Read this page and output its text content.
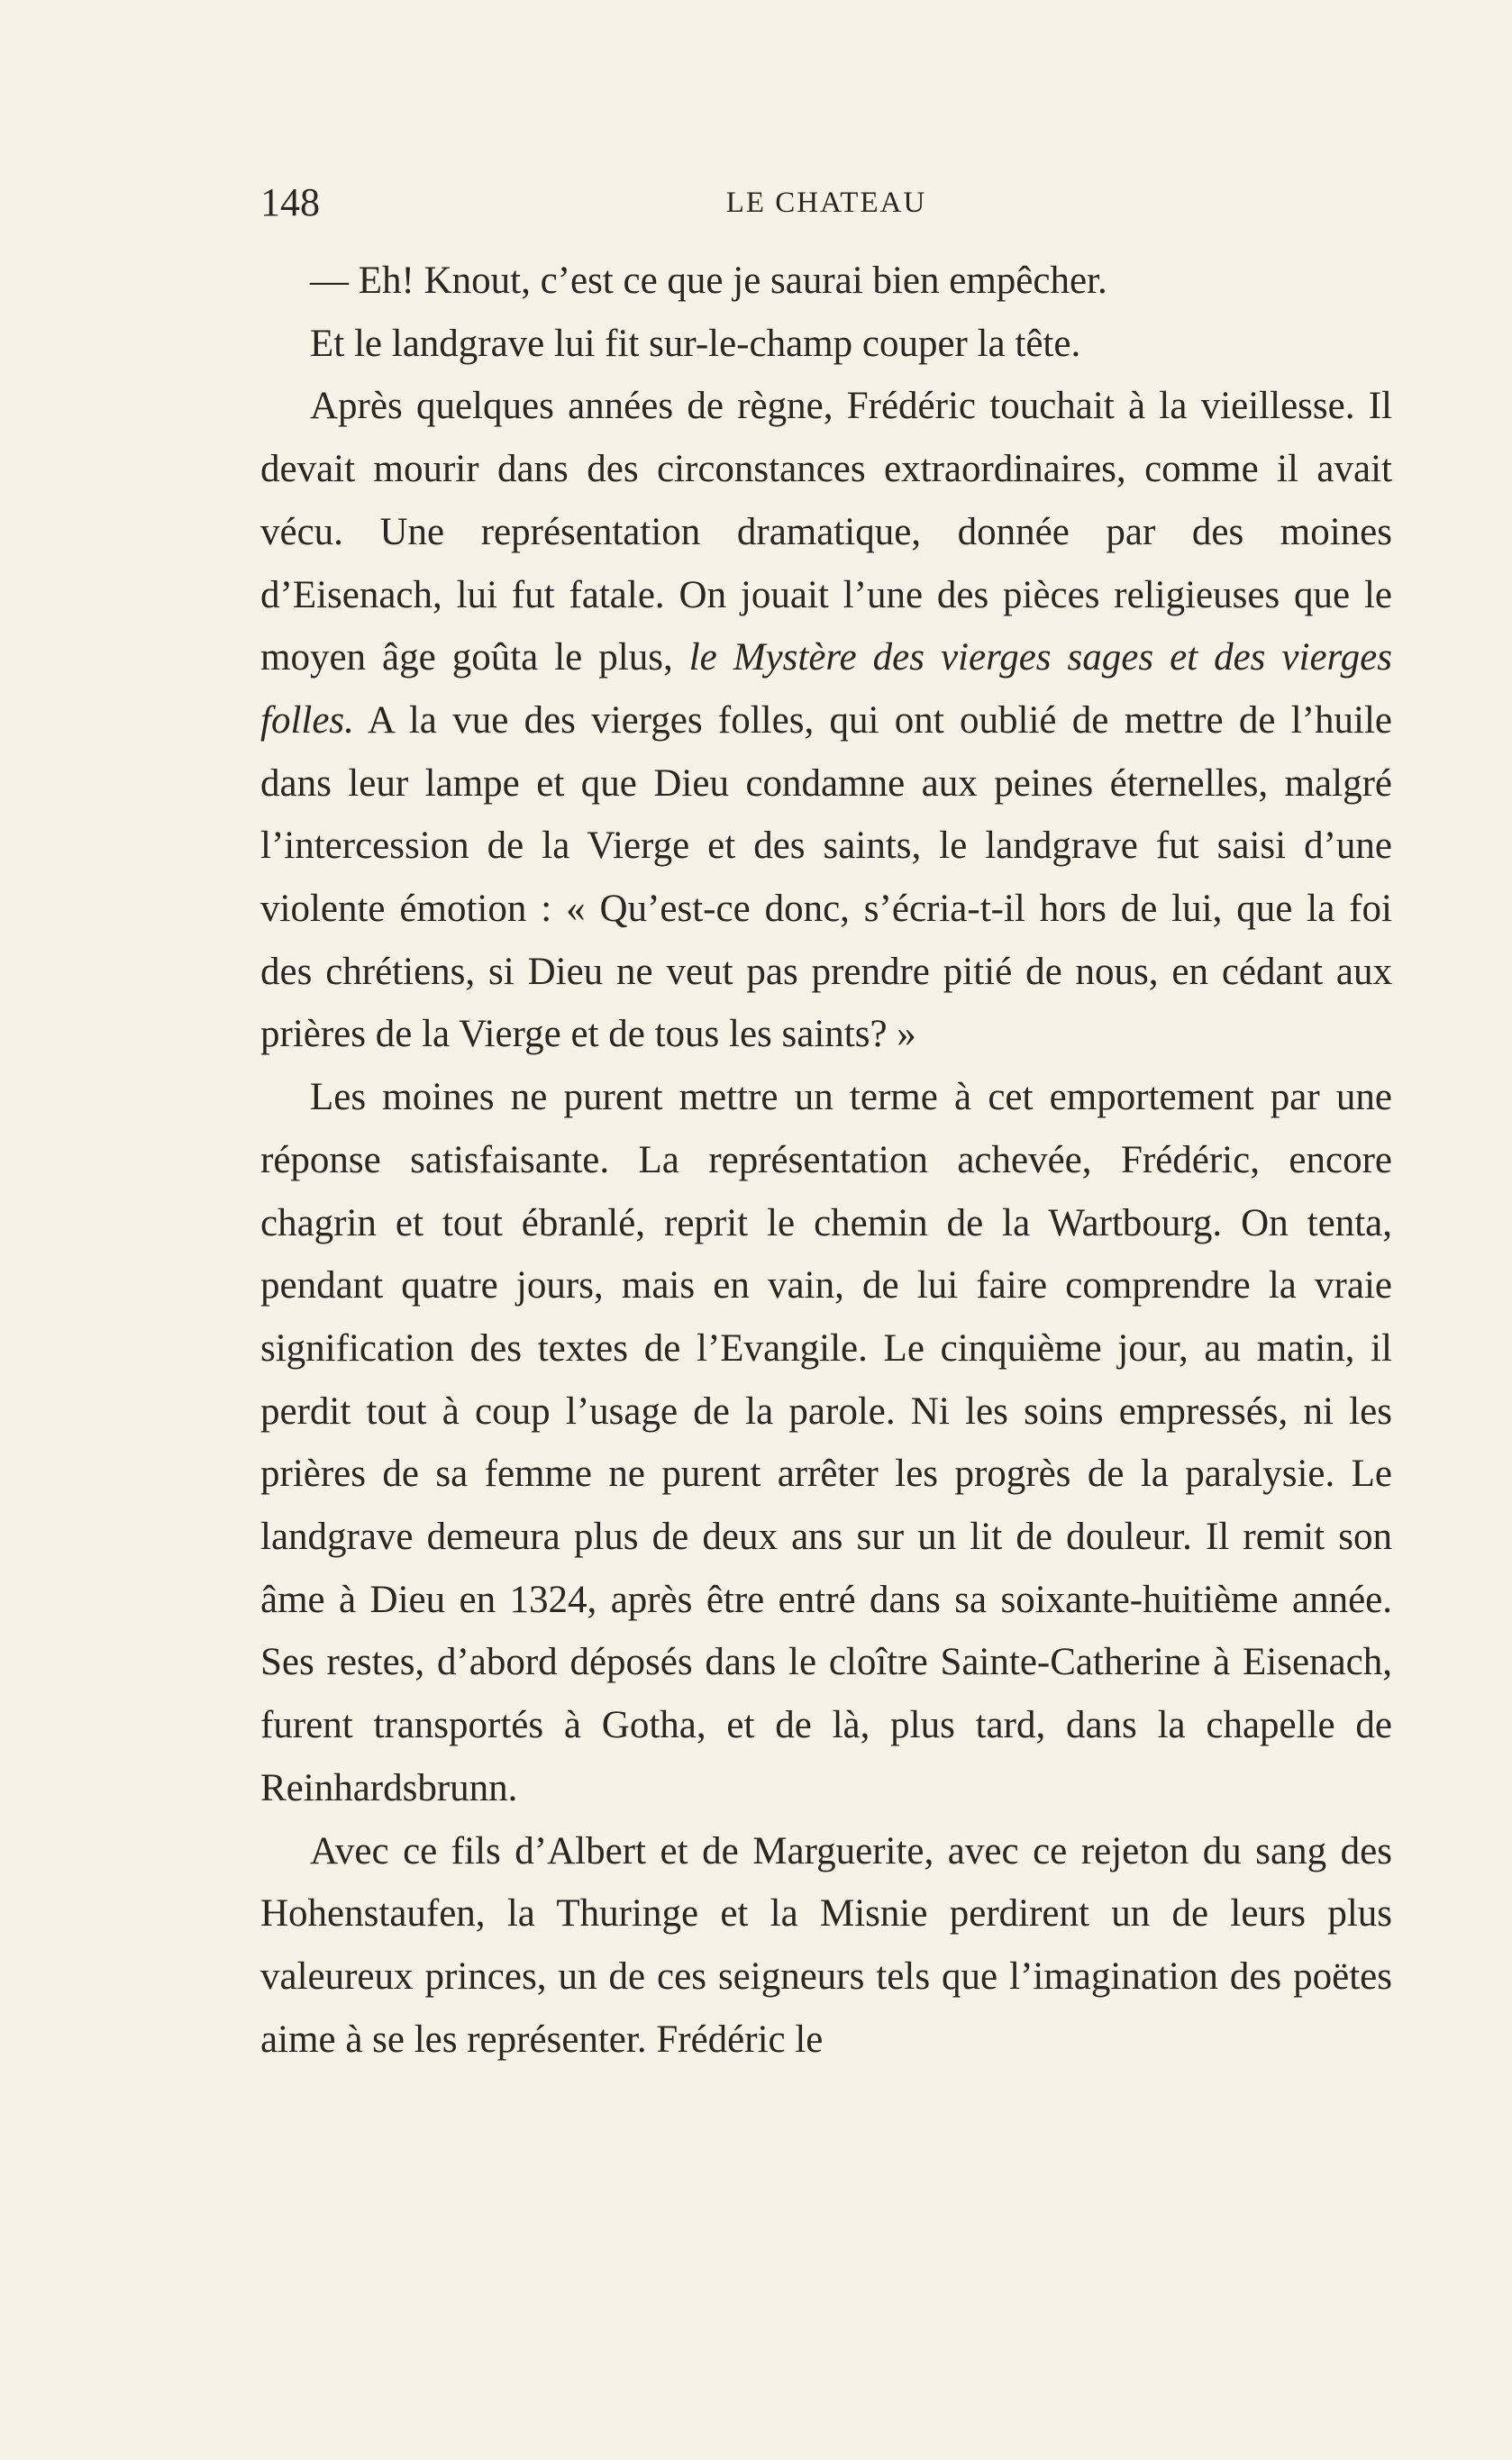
148	LE CHATEAU

— Eh! Knout, c’est ce que je saurai bien empêcher.

Et le landgrave lui fit sur-le-champ couper la tête.

Après quelques années de règne, Frédéric touchait à la vieillesse. Il devait mourir dans des circonstances extraordinaires, comme il avait vécu. Une représentation dramatique, donnée par des moines d’Eisenach, lui fut fatale. On jouait l’une des pièces religieuses que le moyen âge goûta le plus, le Mystère des vierges sages et des vierges folles. A la vue des vierges folles, qui ont oublié de mettre de l’huile dans leur lampe et que Dieu condamne aux peines éternelles, malgré l’intercession de la Vierge et des saints, le landgrave fut saisi d’une violente émotion : « Qu’est-ce donc, s’écria-t-il hors de lui, que la foi des chrétiens, si Dieu ne veut pas prendre pitié de nous, en cédant aux prières de la Vierge et de tous les saints? »

Les moines ne purent mettre un terme à cet emportement par une réponse satisfaisante. La représentation achevée, Frédéric, encore chagrin et tout ébranlé, reprit le chemin de la Wartbourg. On tenta, pendant quatre jours, mais en vain, de lui faire comprendre la vraie signification des textes de l’Evangile. Le cinquième jour, au matin, il perdit tout à coup l’usage de la parole. Ni les soins empressés, ni les prières de sa femme ne purent arrêter les progrès de la paralysie. Le landgrave demeura plus de deux ans sur un lit de douleur. Il remit son âme à Dieu en 1324, après être entré dans sa soixante-huitième année. Ses restes, d’abord déposés dans le cloître Sainte-Catherine à Eisenach, furent transportés à Gotha, et de là, plus tard, dans la chapelle de Reinhardsbrunn.

Avec ce fils d’Albert et de Marguerite, avec ce rejeton du sang des Hohenstaufen, la Thuringe et la Misnie perdirent un de leurs plus valeureux princes, un de ces seigneurs tels que l’imagination des poëtes aime à se les représenter. Frédéric le
